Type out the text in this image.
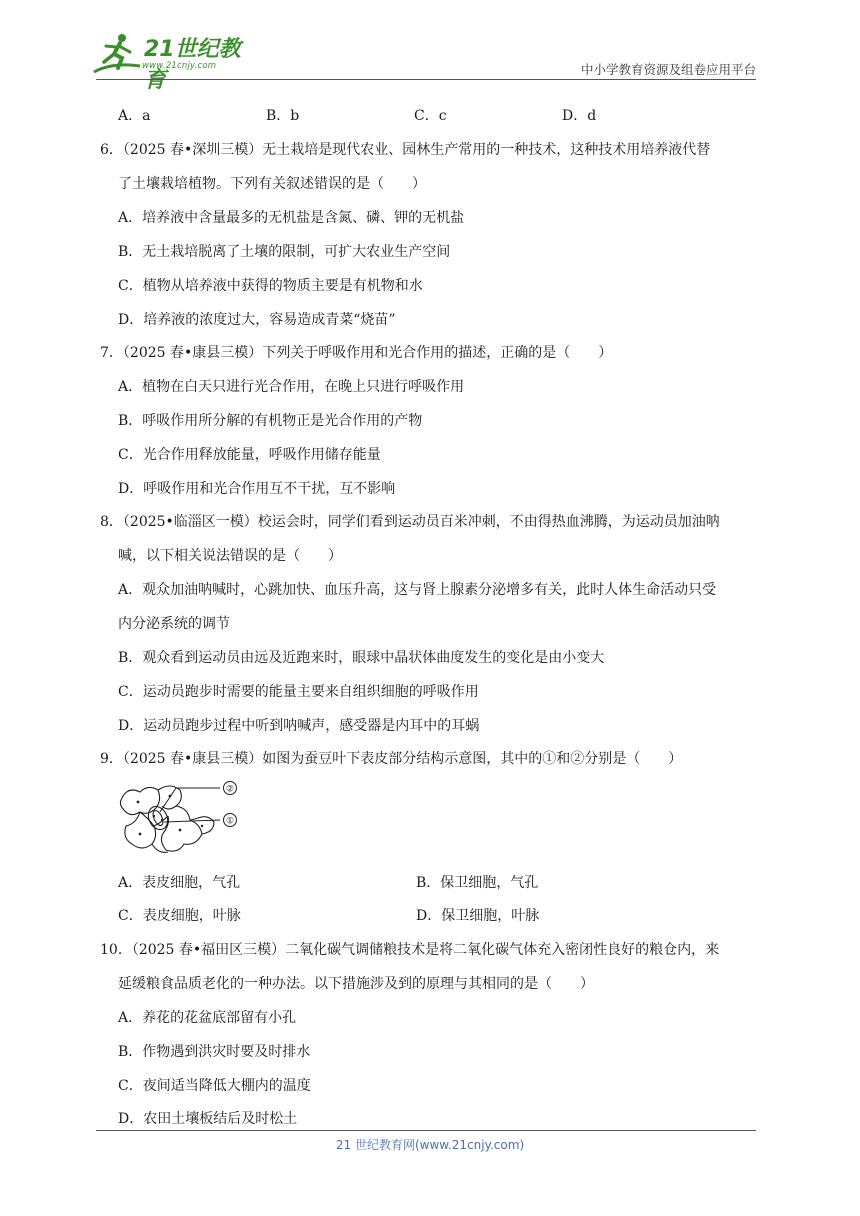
21世纪教育
www.21cnjy.com	中小学教育资源及组卷应用平台
A．a	B．b	C．c	D．d
6．（2025 春•深圳三模）无土栽培是现代农业、园林生产常用的一种技术，这种技术用培养液代替
了土壤栽培植物。下列有关叙述错误的是（　　）
A．培养液中含量最多的无机盐是含氮、磷、钾的无机盐
B．无土栽培脱离了土壤的限制，可扩大农业生产空间
C．植物从培养液中获得的物质主要是有机物和水
D．培养液的浓度过大，容易造成青菜“烧苗”
7．（2025 春•康县三模）下列关于呼吸作用和光合作用的描述，正确的是（　　）
A．植物在白天只进行光合作用，在晚上只进行呼吸作用
B．呼吸作用所分解的有机物正是光合作用的产物
C．光合作用释放能量，呼吸作用储存能量
D．呼吸作用和光合作用互不干扰，互不影响
8．（2025•临淄区一模）校运会时，同学们看到运动员百米冲刺，不由得热血沸腾，为运动员加油呐
喊，以下相关说法错误的是（　　）
A．观众加油呐喊时，心跳加快、血压升高，这与肾上腺素分泌增多有关，此时人体生命活动只受
内分泌系统的调节
B．观众看到运动员由远及近跑来时，眼球中晶状体曲度发生的变化是由小变大
C．运动员跑步时需要的能量主要来自组织细胞的呼吸作用
D．运动员跑步过程中听到呐喊声，感受器是内耳中的耳蜗
9．（2025 春•康县三模）如图为蚕豆叶下表皮部分结构示意图，其中的①和②分别是（　　）
②
①
A．表皮细胞，气孔	B．保卫细胞，气孔
C．表皮细胞，叶脉	D．保卫细胞，叶脉
10．（2025 春•福田区三模）二氧化碳气调储粮技术是将二氧化碳气体充入密闭性良好的粮仓内，来
延缓粮食品质老化的一种办法。以下措施涉及到的原理与其相同的是（　　）
A．养花的花盆底部留有小孔
B．作物遇到洪灾时要及时排水
C．夜间适当降低大棚内的温度
D．农田土壤板结后及时松土
21 世纪教育网(www.21cnjy.com)
